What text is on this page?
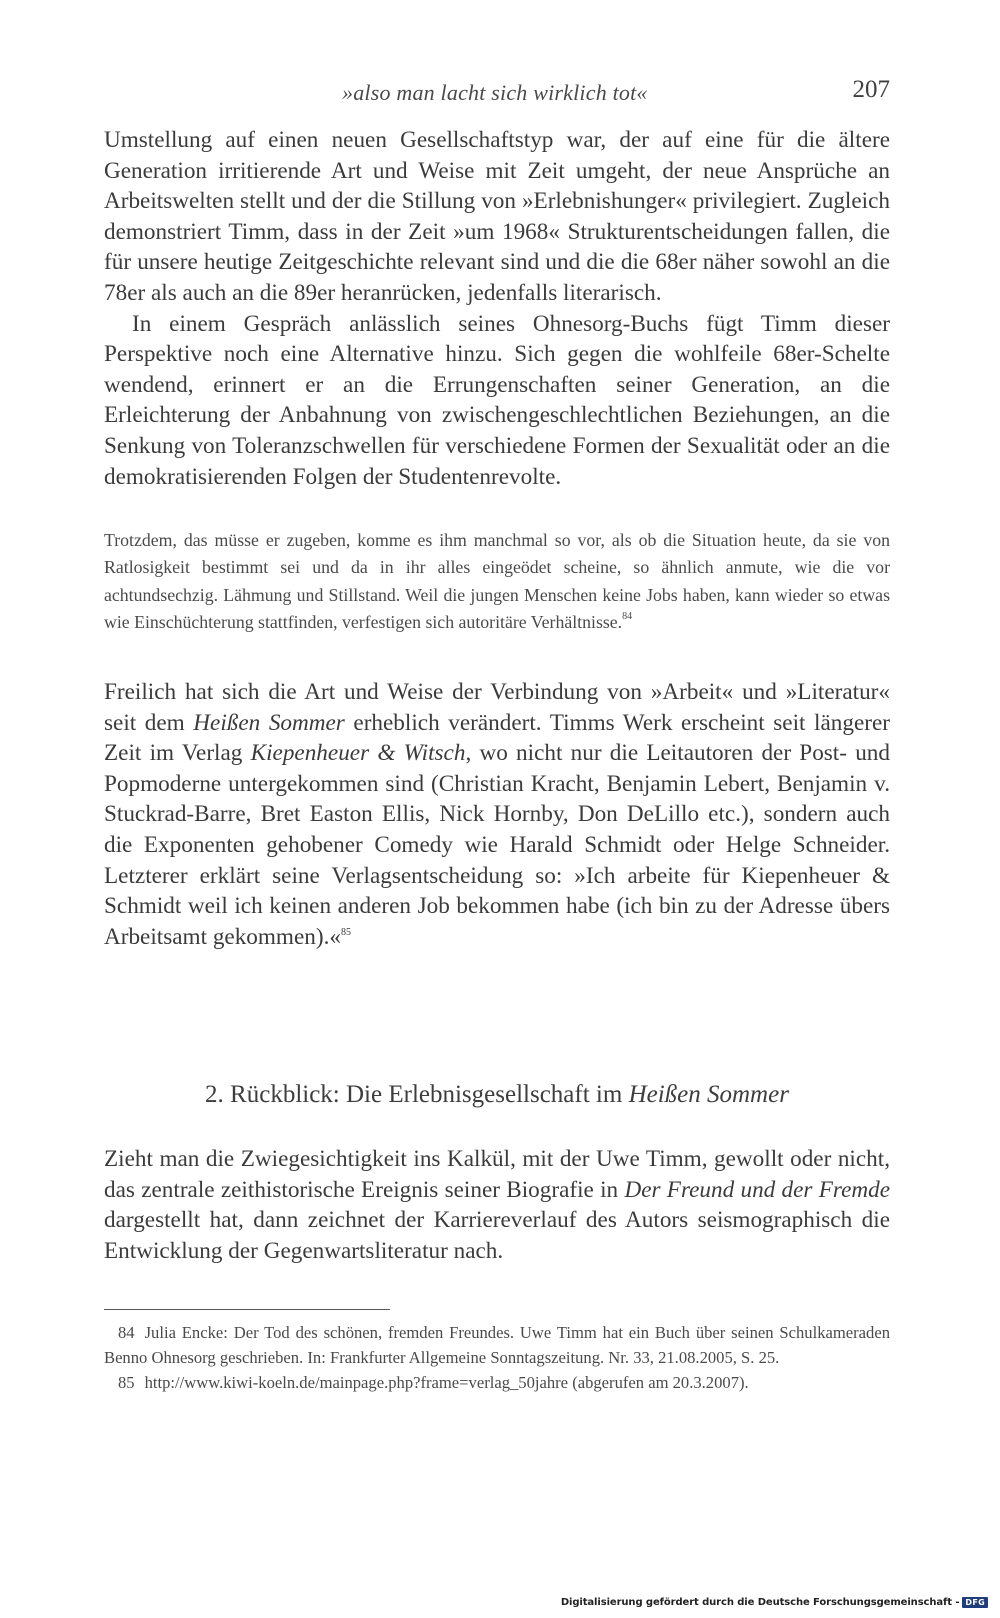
»also man lacht sich wirklich tot«	207

Umstellung auf einen neuen Gesellschaftstyp war, der auf eine für die ältere Generation irritierende Art und Weise mit Zeit umgeht, der neue Ansprüche an Arbeitswelten stellt und der die Stillung von »Erlebnishunger« privilegiert. Zugleich demonstriert Timm, dass in der Zeit »um 1968« Strukturentscheidungen fallen, die für unsere heutige Zeitgeschichte relevant sind und die die 68er näher sowohl an die 78er als auch an die 89er heranrücken, jedenfalls literarisch.

In einem Gespräch anlässlich seines Ohnesorg-Buchs fügt Timm dieser Perspektive noch eine Alternative hinzu. Sich gegen die wohlfeile 68er-Schelte wendend, erinnert er an die Errungenschaften seiner Generation, an die Erleichterung der Anbahnung von zwischengeschlechtlichen Beziehungen, an die Senkung von Toleranzschwellen für verschiedene Formen der Sexualität oder an die demokratisierenden Folgen der Studentenrevolte.

Trotzdem, das müsse er zugeben, komme es ihm manchmal so vor, als ob die Situation heute, da sie von Ratlosigkeit bestimmt sei und da in ihr alles eingeödet scheine, so ähnlich anmute, wie die vor achtundsechzig. Lähmung und Stillstand. Weil die jungen Menschen keine Jobs haben, kann wieder so etwas wie Einschüchterung stattfinden, verfestigen sich autoritäre Verhältnisse.$^{84}$

Freilich hat sich die Art und Weise der Verbindung von »Arbeit« und »Literatur« seit dem Heißen Sommer erheblich verändert. Timms Werk erscheint seit längerer Zeit im Verlag Kiepenheuer & Witsch, wo nicht nur die Leitautoren der Post- und Popmoderne untergekommen sind (Christian Kracht, Benjamin Lebert, Benjamin v. Stuckrad-Barre, Bret Easton Ellis, Nick Hornby, Don DeLillo etc.), sondern auch die Exponenten gehobener Comedy wie Harald Schmidt oder Helge Schneider. Letzterer erklärt seine Verlagsentscheidung so: »Ich arbeite für Kiepenheuer & Schmidt weil ich keinen anderen Job bekommen habe (ich bin zu der Adresse übers Arbeitsamt gekommen).«$^{85}$

2. Rückblick: Die Erlebnisgesellschaft im Heißen Sommer

Zieht man die Zwiegesichtigkeit ins Kalkül, mit der Uwe Timm, gewollt oder nicht, das zentrale zeithistorische Ereignis seiner Biografie in Der Freund und der Fremde dargestellt hat, dann zeichnet der Karriereverlauf des Autors seismographisch die Entwicklung der Gegenwartsliteratur nach.

84 Julia Encke: Der Tod des schönen, fremden Freundes. Uwe Timm hat ein Buch über seinen Schulkameraden Benno Ohnesorg geschrieben. In: Frankfurter Allgemeine Sonntagszeitung. Nr. 33, 21.08.2005, S. 25.

85 http://www.kiwi-koeln.de/mainpage.php?frame=verlag_50jahre (abgerufen am 20.3.2007).

Digitalisierung gefördert durch die Deutsche Forschungsgemeinschaft - DFG
